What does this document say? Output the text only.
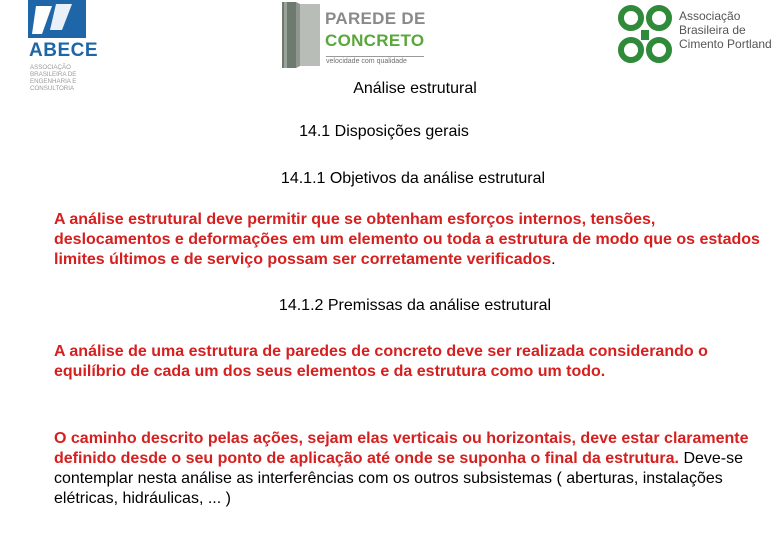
ABECE
ASSOCIAÇÃO
BRASILEIRA DE
ENGENHARIA E
CONSULTORIA
PAREDE DE
CONCRETO
velocidade com qualidade
Associação
Brasileira de
Cimento Portland
Análise estrutural
14.1 Disposições gerais
14.1.1 Objetivos da análise estrutural
A análise estrutural deve permitir que se obtenham esforços internos, tensões, deslocamentos e deformações em um elemento ou toda a estrutura de modo que os estados limites últimos e de serviço possam ser corretamente verificados.
14.1.2 Premissas da análise estrutural
A análise de uma estrutura de paredes de concreto deve ser realizada considerando o equilíbrio de cada um dos seus elementos e da estrutura como um todo.
O caminho descrito pelas ações, sejam elas verticais ou horizontais, deve estar claramente definido desde o seu ponto de aplicação até onde se suponha o final da estrutura. Deve-se contemplar nesta análise as interferências com os outros subsistemas ( aberturas, instalações elétricas, hidráulicas, ... )
